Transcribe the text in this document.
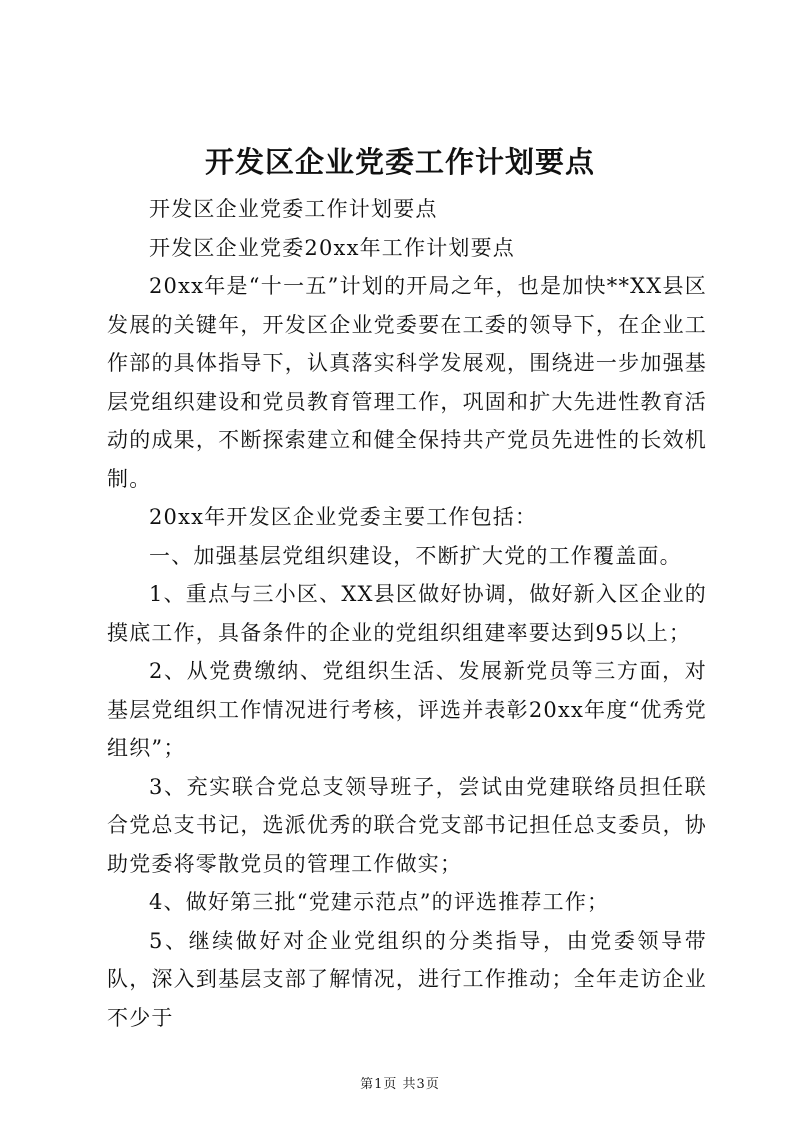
开发区企业党委工作计划要点

开发区企业党委工作计划要点

开发区企业党委20xx年工作计划要点

20xx年是“十一五”计划的开局之年，也是加快**XX县区发展的关键年，开发区企业党委要在工委的领导下，在企业工作部的具体指导下，认真落实科学发展观，围绕进一步加强基层党组织建设和党员教育管理工作，巩固和扩大先进性教育活动的成果，不断探索建立和健全保持共产党员先进性的长效机制。

20xx年开发区企业党委主要工作包括：

一、加强基层党组织建设，不断扩大党的工作覆盖面。

1、重点与三小区、XX县区做好协调，做好新入区企业的摸底工作，具备条件的企业的党组织组建率要达到95以上；

2、从党费缴纳、党组织生活、发展新党员等三方面，对基层党组织工作情况进行考核，评选并表彰20xx年度“优秀党组织”；

3、充实联合党总支领导班子，尝试由党建联络员担任联合党总支书记，选派优秀的联合党支部书记担任总支委员，协助党委将零散党员的管理工作做实；

4、做好第三批“党建示范点”的评选推荐工作；

5、继续做好对企业党组织的分类指导，由党委领导带队，深入到基层支部了解情况，进行工作推动；全年走访企业不少于

第1页 共3页
